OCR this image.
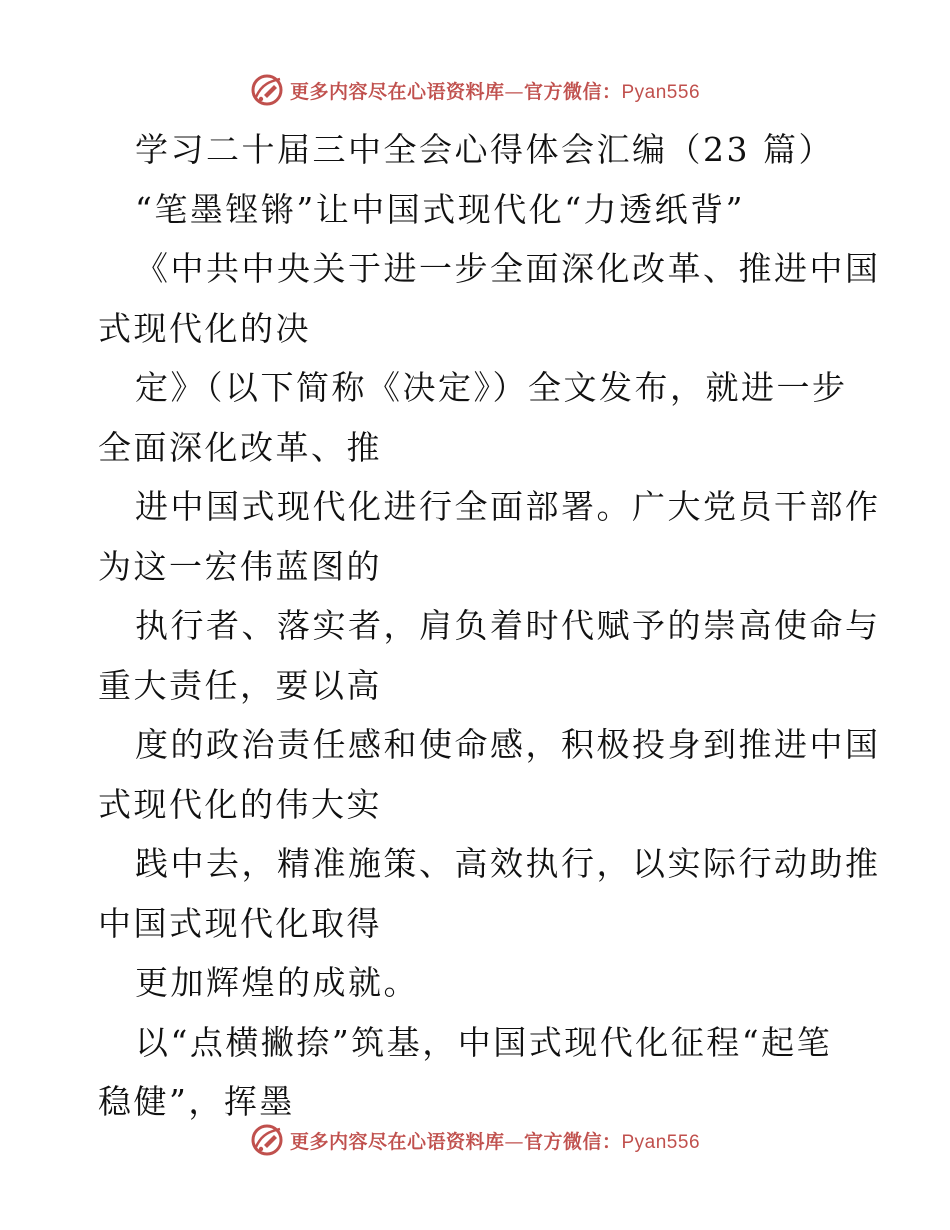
更多内容尽在心语资料库—官方微信：Pyan556
学习二十届三中全会心得体会汇编（23 篇）
“笔墨铿锵”让中国式现代化“力透纸背”
《中共中央关于进一步全面深化改革、推进中国
式现代化的决
定》（以下简称《决定》）全文发布，就进一步
全面深化改革、推
进中国式现代化进行全面部署。广大党员干部作
为这一宏伟蓝图的
执行者、落实者，肩负着时代赋予的崇高使命与
重大责任，要以高
度的政治责任感和使命感，积极投身到推进中国
式现代化的伟大实
践中去，精准施策、高效执行，以实际行动助推
中国式现代化取得
更加辉煌的成就。
以“点横撇捺”筑基，中国式现代化征程“起笔
稳健”，挥墨
更多内容尽在心语资料库—官方微信：Pyan556
